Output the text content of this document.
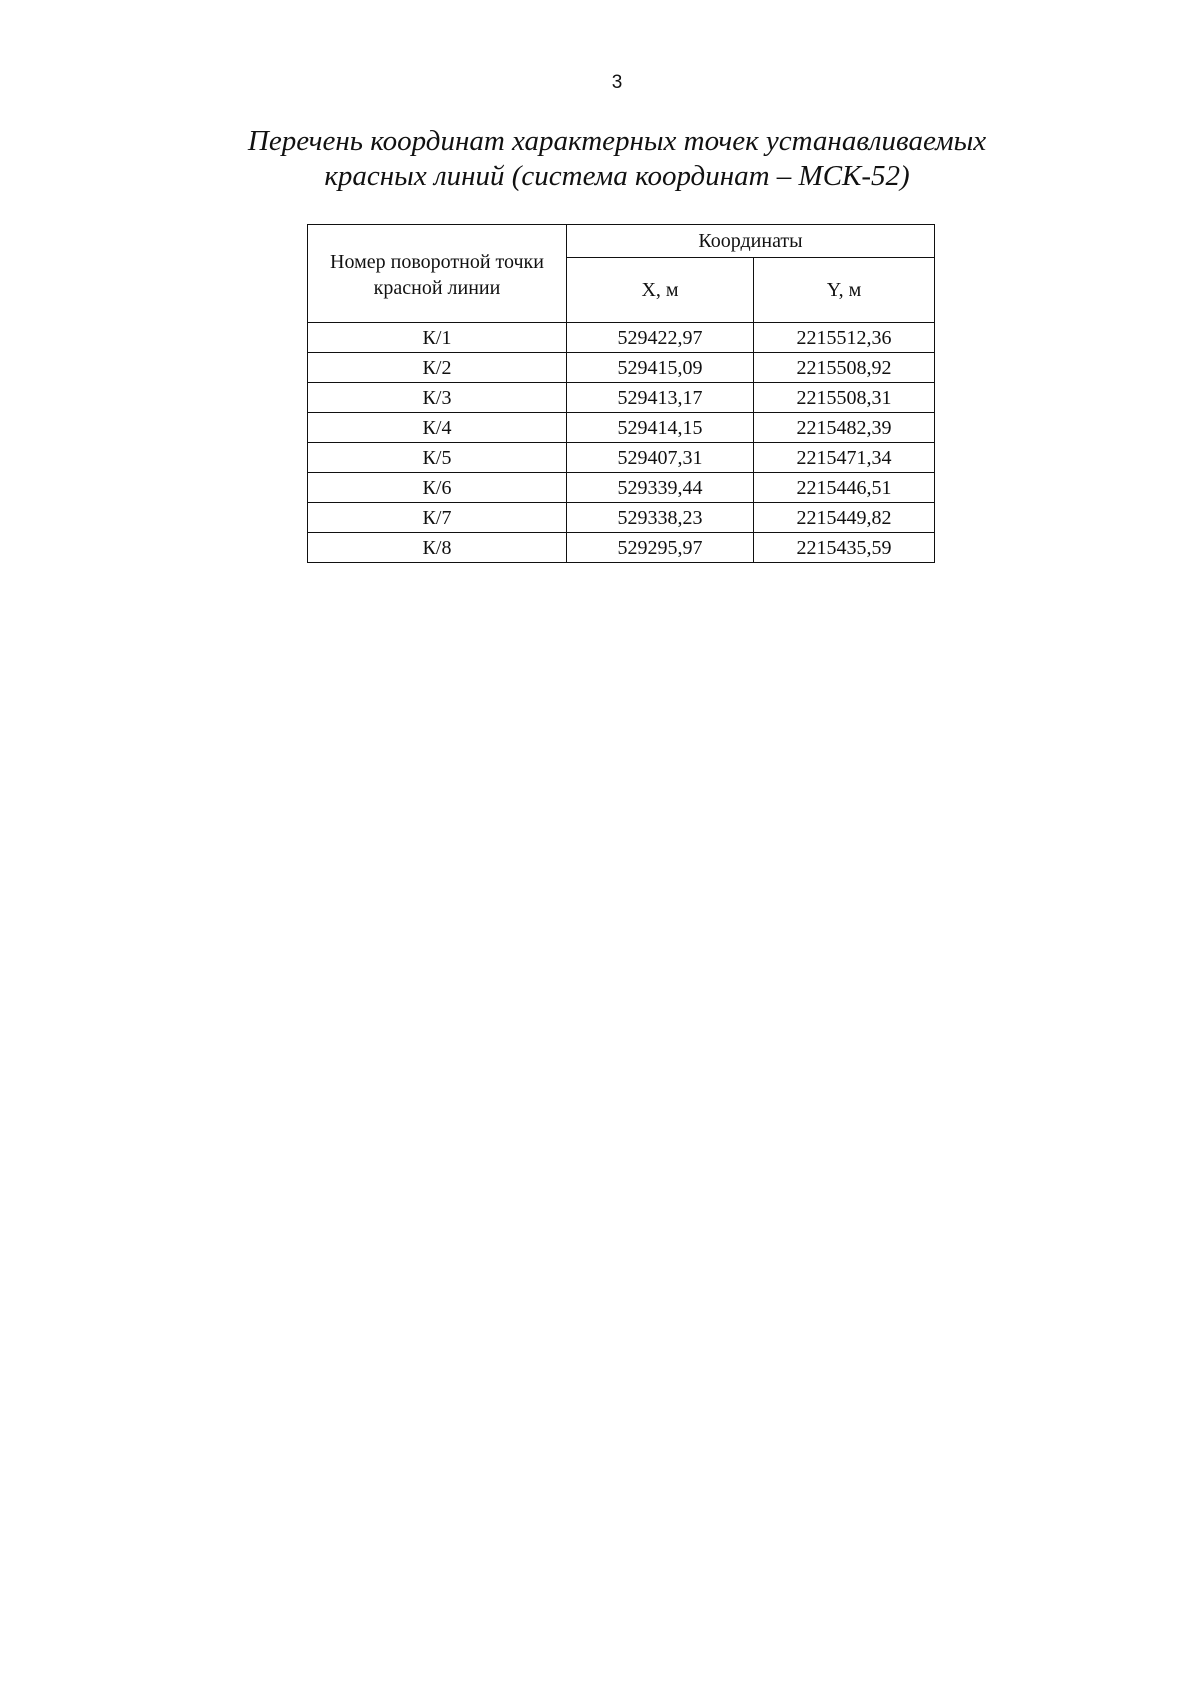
3
Перечень координат характерных точек устанавливаемых
красных линий (система координат – МСК-52)
Номер поворотной точки красной линии	Координаты	
	X, м	Y, м
К/1	529422,97	2215512,36
К/2	529415,09	2215508,92
К/3	529413,17	2215508,31
К/4	529414,15	2215482,39
К/5	529407,31	2215471,34
К/6	529339,44	2215446,51
К/7	529338,23	2215449,82
К/8	529295,97	2215435,59
